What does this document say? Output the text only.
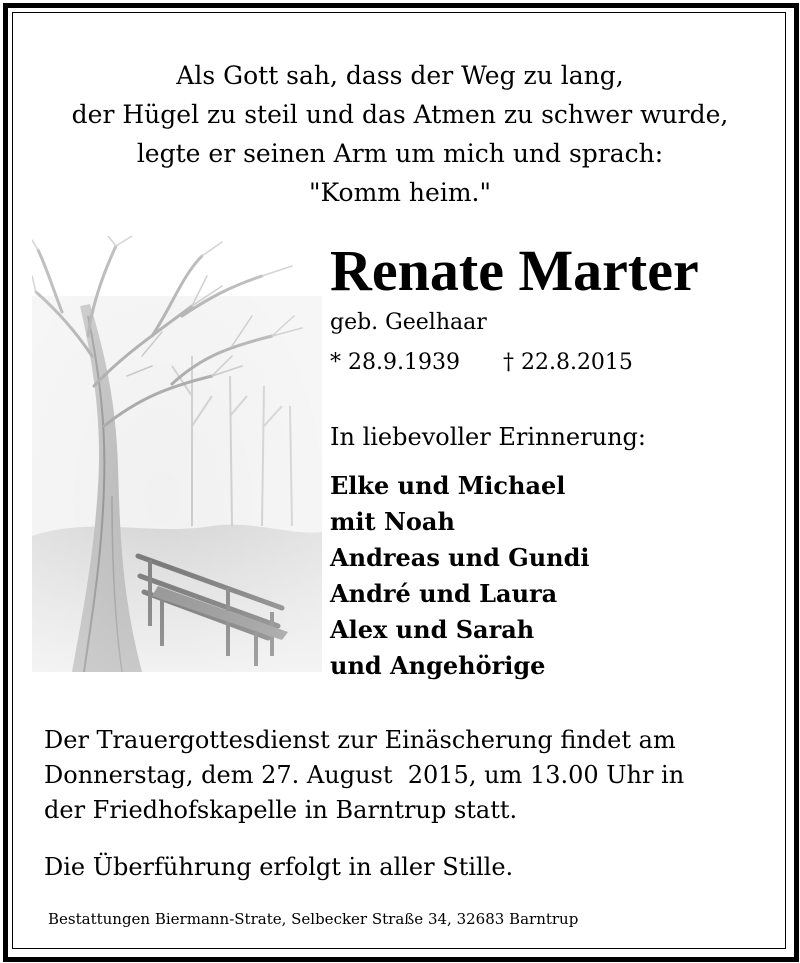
Als Gott sah, dass der Weg zu lang,
der Hügel zu steil und das Atmen zu schwer wurde,
legte er seinen Arm um mich und sprach:
"Komm heim."
Renate Marter
geb. Geelhaar
* 28.9.1939 † 22.8.2015
In liebevoller Erinnerung:
Elke und Michael
mit Noah
Andreas und Gundi
André und Laura
Alex und Sarah
und Angehörige
Der Trauergottesdienst zur Einäscherung findet am
Donnerstag, dem 27. August  2015, um 13.00 Uhr in
der Friedhofskapelle in Barntrup statt.
Die Überführung erfolgt in aller Stille.
Bestattungen Biermann-Strate, Selbecker Straße 34, 32683 Barntrup
